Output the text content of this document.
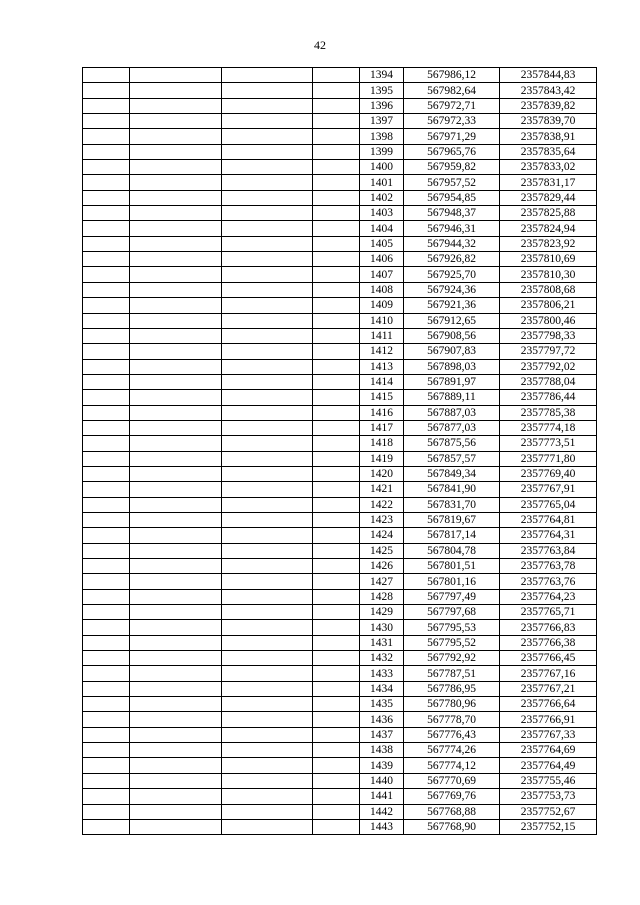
42
				1394	567986,12	2357844,83
				1395	567982,64	2357843,42
				1396	567972,71	2357839,82
				1397	567972,33	2357839,70
				1398	567971,29	2357838,91
				1399	567965,76	2357835,64
				1400	567959,82	2357833,02
				1401	567957,52	2357831,17
				1402	567954,85	2357829,44
				1403	567948,37	2357825,88
				1404	567946,31	2357824,94
				1405	567944,32	2357823,92
				1406	567926,82	2357810,69
				1407	567925,70	2357810,30
				1408	567924,36	2357808,68
				1409	567921,36	2357806,21
				1410	567912,65	2357800,46
				1411	567908,56	2357798,33
				1412	567907,83	2357797,72
				1413	567898,03	2357792,02
				1414	567891,97	2357788,04
				1415	567889,11	2357786,44
				1416	567887,03	2357785,38
				1417	567877,03	2357774,18
				1418	567875,56	2357773,51
				1419	567857,57	2357771,80
				1420	567849,34	2357769,40
				1421	567841,90	2357767,91
				1422	567831,70	2357765,04
				1423	567819,67	2357764,81
				1424	567817,14	2357764,31
				1425	567804,78	2357763,84
				1426	567801,51	2357763,78
				1427	567801,16	2357763,76
				1428	567797,49	2357764,23
				1429	567797,68	2357765,71
				1430	567795,53	2357766,83
				1431	567795,52	2357766,38
				1432	567792,92	2357766,45
				1433	567787,51	2357767,16
				1434	567786,95	2357767,21
				1435	567780,96	2357766,64
				1436	567778,70	2357766,91
				1437	567776,43	2357767,33
				1438	567774,26	2357764,69
				1439	567774,12	2357764,49
				1440	567770,69	2357755,46
				1441	567769,76	2357753,73
				1442	567768,88	2357752,67
				1443	567768,90	2357752,15
